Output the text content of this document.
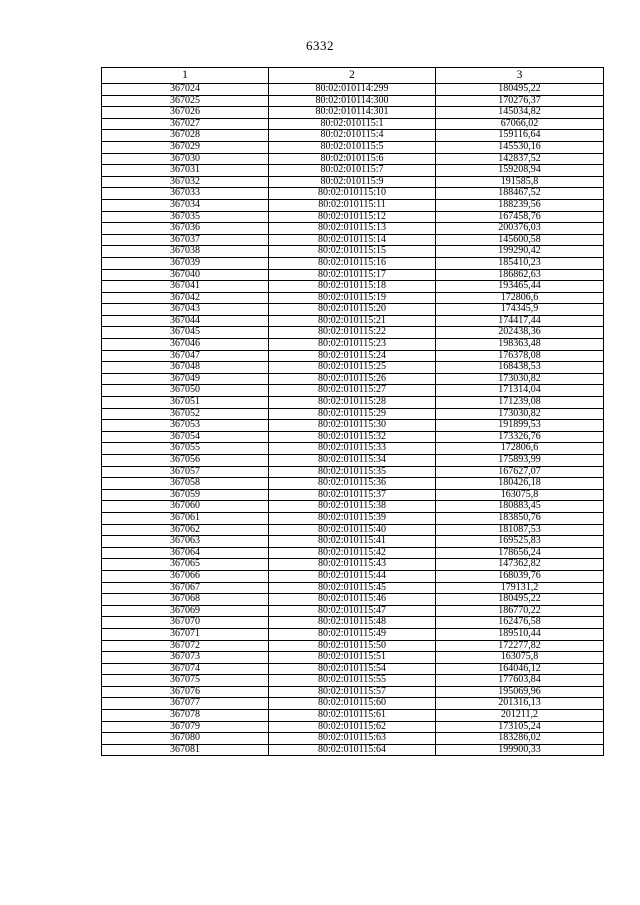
6332
1	2	3
367024	80:02:010114:299	180495,22
367025	80:02:010114:300	170276,37
367026	80:02:010114:301	145034,82
367027	80:02:010115:1	67066,02
367028	80:02:010115:4	159116,64
367029	80:02:010115:5	145530,16
367030	80:02:010115:6	142837,52
367031	80:02:010115:7	159208,94
367032	80:02:010115:9	191585,8
367033	80:02:010115:10	188467,52
367034	80:02:010115:11	188239,56
367035	80:02:010115:12	167458,76
367036	80:02:010115:13	200376,03
367037	80:02:010115:14	145600,58
367038	80:02:010115:15	199290,42
367039	80:02:010115:16	185410,23
367040	80:02:010115:17	186862,63
367041	80:02:010115:18	193465,44
367042	80:02:010115:19	172806,6
367043	80:02:010115:20	174345,9
367044	80:02:010115:21	174417,44
367045	80:02:010115:22	202438,36
367046	80:02:010115:23	198363,48
367047	80:02:010115:24	176378,08
367048	80:02:010115:25	168438,53
367049	80:02:010115:26	173030,82
367050	80:02:010115:27	171314,04
367051	80:02:010115:28	171239,08
367052	80:02:010115:29	173030,82
367053	80:02:010115:30	191899,53
367054	80:02:010115:32	173326,76
367055	80:02:010115:33	172806,6
367056	80:02:010115:34	175893,99
367057	80:02:010115:35	167627,07
367058	80:02:010115:36	180426,18
367059	80:02:010115:37	163075,8
367060	80:02:010115:38	180883,45
367061	80:02:010115:39	183850,76
367062	80:02:010115:40	181087,53
367063	80:02:010115:41	169525,83
367064	80:02:010115:42	178656,24
367065	80:02:010115:43	147362,82
367066	80:02:010115:44	168039,76
367067	80:02:010115:45	179131,2
367068	80:02:010115:46	180495,22
367069	80:02:010115:47	186770,22
367070	80:02:010115:48	162476,58
367071	80:02:010115:49	189510,44
367072	80:02:010115:50	172277,82
367073	80:02:010115:51	163075,8
367074	80:02:010115:54	164046,12
367075	80:02:010115:55	177603,84
367076	80:02:010115:57	195069,96
367077	80:02:010115:60	201316,13
367078	80:02:010115:61	201211,2
367079	80:02:010115:62	173105,24
367080	80:02:010115:63	183286,02
367081	80:02:010115:64	199900,33
